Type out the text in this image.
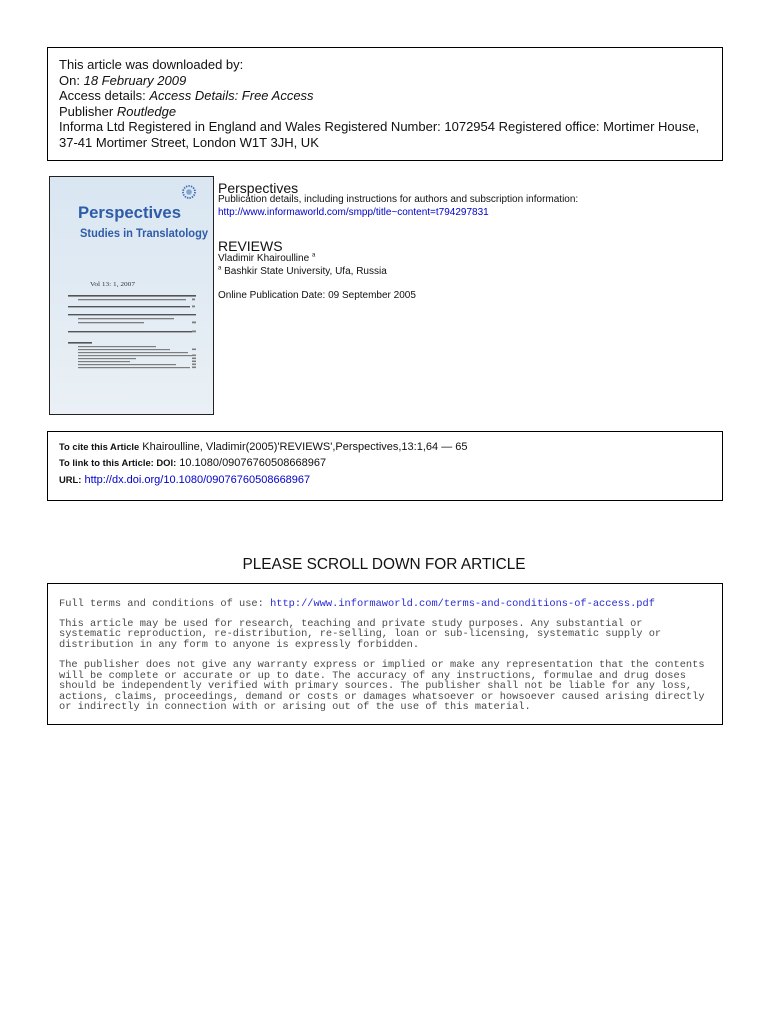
This article was downloaded by:
On: 18 February 2009
Access details: Access Details: Free Access
Publisher Routledge
Informa Ltd Registered in England and Wales Registered Number: 1072954 Registered office: Mortimer House,
37-41 Mortimer Street, London W1T 3JH, UK
Perspectives
Studies in Translatology
Vol 13: 1, 2007
Perspectives
Publication details, including instructions for authors and subscription information:
http://www.informaworld.com/smpp/title~content=t794297831
REVIEWS
Vladimir Khairoulline $^a$
$^a$ Bashkir State University, Ufa, Russia
Online Publication Date: 09 September 2005
To cite this Article Khairoulline, Vladimir(2005)'REVIEWS',Perspectives,13:1,64 — 65
To link to this Article: DOI: 10.1080/09076760508668967
URL: http://dx.doi.org/10.1080/09076760508668967
PLEASE SCROLL DOWN FOR ARTICLE
Full terms and conditions of use: http://www.informaworld.com/terms-and-conditions-of-access.pdf
This article may be used for research, teaching and private study purposes. Any substantial or
systematic reproduction, re-distribution, re-selling, loan or sub-licensing, systematic supply or
distribution in any form to anyone is expressly forbidden.
The publisher does not give any warranty express or implied or make any representation that the contents
will be complete or accurate or up to date. The accuracy of any instructions, formulae and drug doses
should be independently verified with primary sources. The publisher shall not be liable for any loss,
actions, claims, proceedings, demand or costs or damages whatsoever or howsoever caused arising directly
or indirectly in connection with or arising out of the use of this material.
